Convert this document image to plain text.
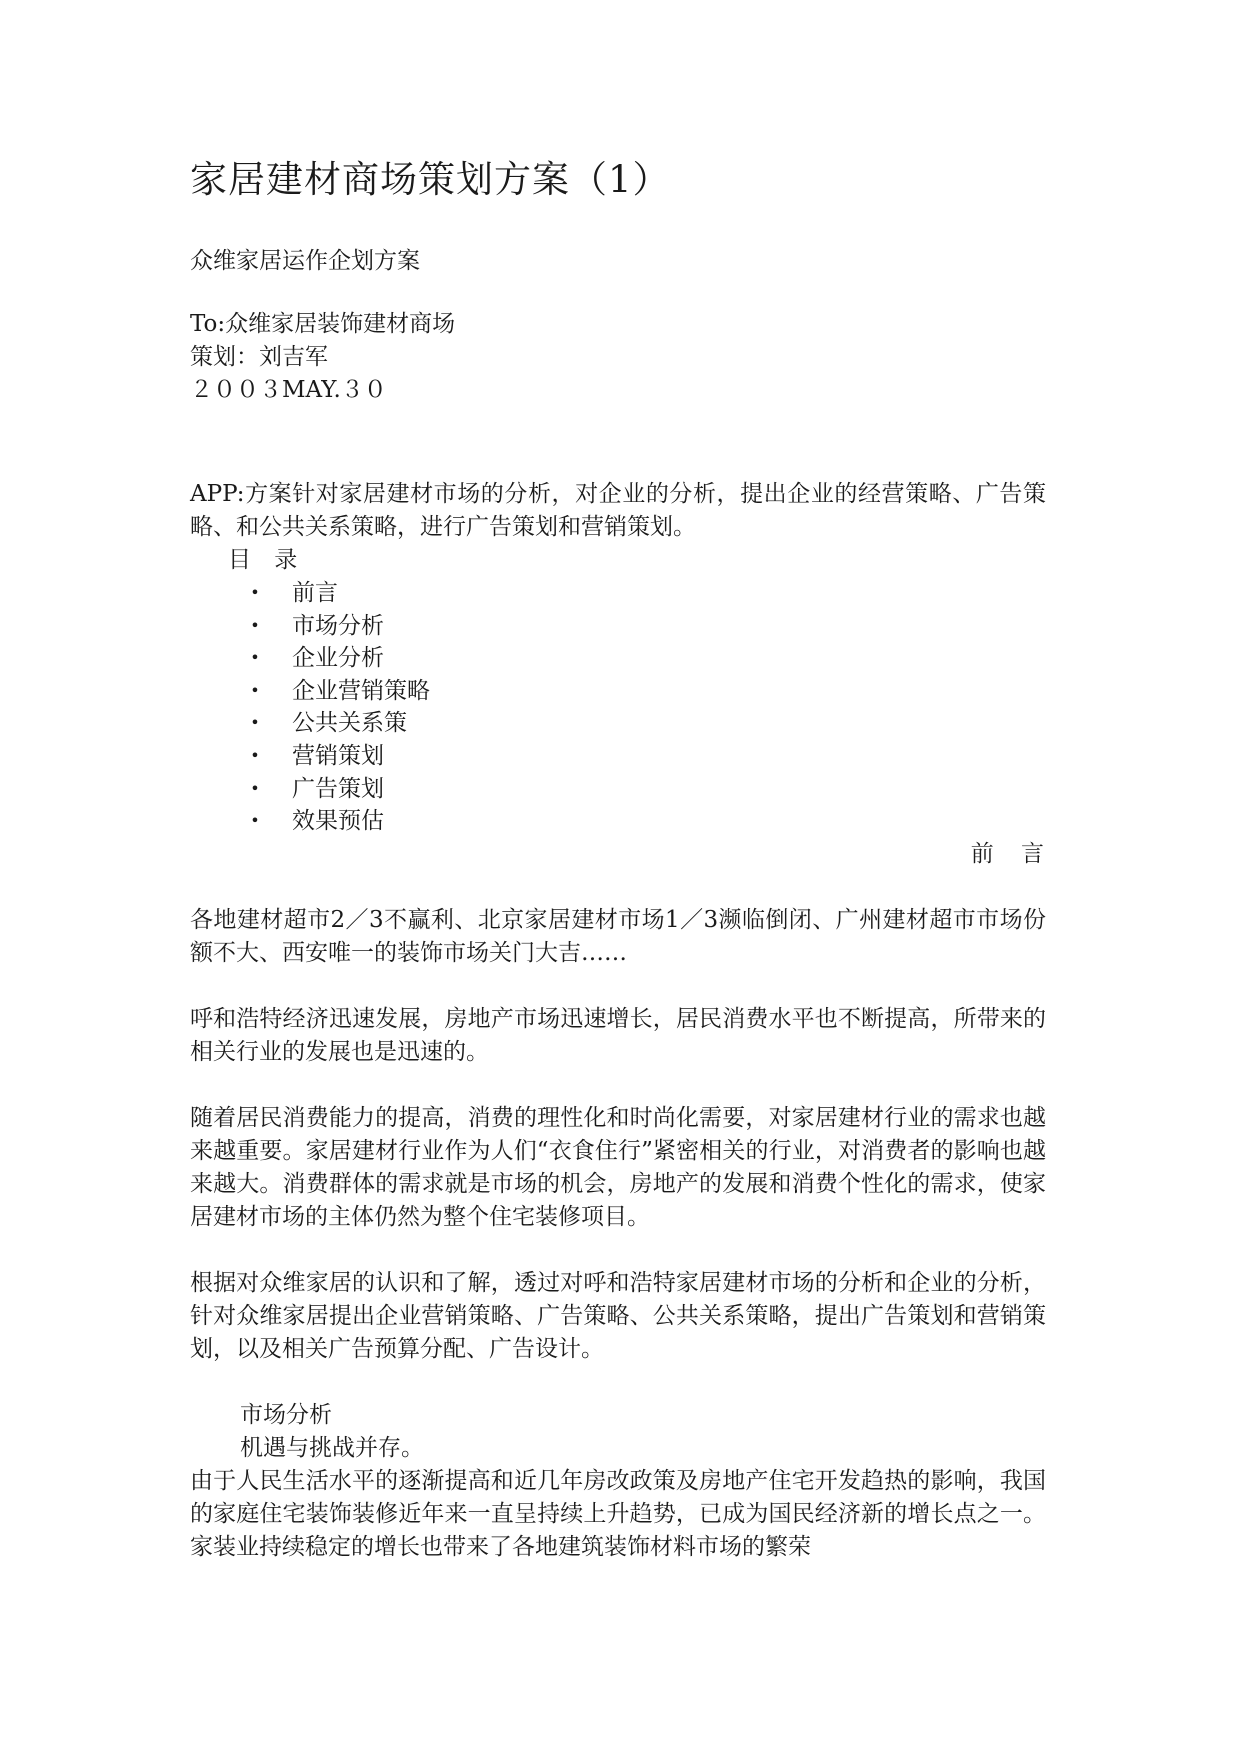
家居建材商场策划方案（1）

众维家居运作企划方案

To:众维家居装饰建材商场

策划：刘吉军

２００３MAY.３０

APP:方案针对家居建材市场的分析，对企业的分析，提出企业的经营策略、广告策略、和公共关系策略，进行广告策划和营销策划。

目 录

• 前言
• 市场分析
• 企业分析
• 企业营销策略
• 公共关系策
• 营销策划
• 广告策划
• 效果预估

前 言

各地建材超市2／3不赢利、北京家居建材市场1／3濒临倒闭、广州建材超市市场份额不大、西安唯一的装饰市场关门大吉……

呼和浩特经济迅速发展，房地产市场迅速增长，居民消费水平也不断提高，所带来的相关行业的发展也是迅速的。

随着居民消费能力的提高，消费的理性化和时尚化需要，对家居建材行业的需求也越来越重要。家居建材行业作为人们“衣食住行”紧密相关的行业，对消费者的影响也越来越大。消费群体的需求就是市场的机会，房地产的发展和消费个性化的需求，使家居建材市场的主体仍然为整个住宅装修项目。

根据对众维家居的认识和了解，透过对呼和浩特家居建材市场的分析和企业的分析，针对众维家居提出企业营销策略、广告策略、公共关系策略，提出广告策划和营销策划，以及相关广告预算分配、广告设计。

市场分析

机遇与挑战并存。

由于人民生活水平的逐渐提高和近几年房改政策及房地产住宅开发趋热的影响，我国的家庭住宅装饰装修近年来一直呈持续上升趋势，已成为国民经济新的增长点之一。家装业持续稳定的增长也带来了各地建筑装饰材料市场的繁荣
